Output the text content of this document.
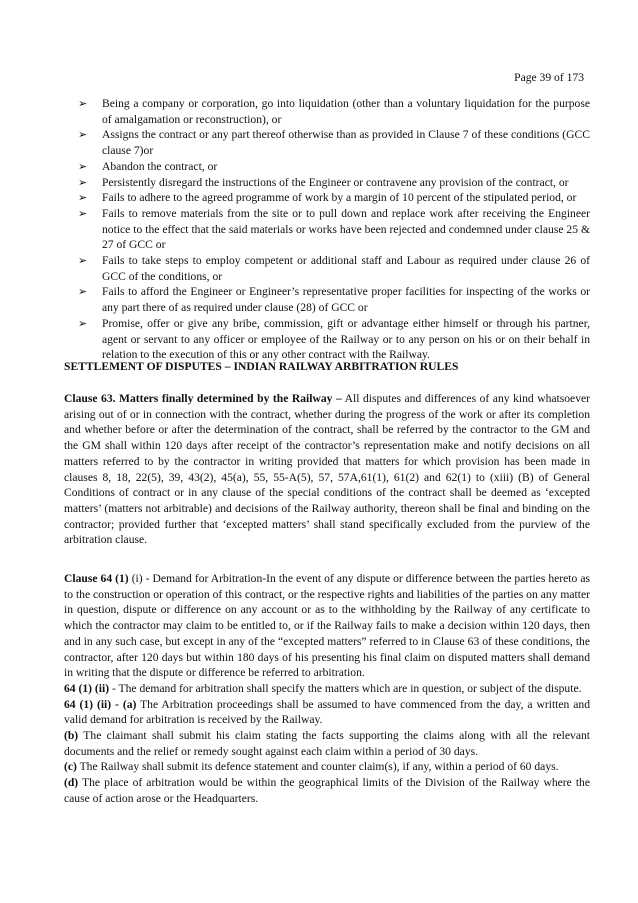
Page 39 of 173
➢ Being a company or corporation, go into liquidation (other than a voluntary liquidation for the purpose of amalgamation or reconstruction), or
➢ Assigns the contract or any part thereof otherwise than as provided in Clause 7 of these conditions (GCC clause 7)or
➢ Abandon the contract, or
➢ Persistently disregard the instructions of the Engineer or contravene any provision of the contract, or
➢ Fails to adhere to the agreed programme of work by a margin of 10 percent of the stipulated period, or
➢ Fails to remove materials from the site or to pull down and replace work after receiving the Engineer notice to the effect that the said materials or works have been rejected and condemned under clause 25 & 27 of GCC or
➢ Fails to take steps to employ competent or additional staff and Labour as required under clause 26 of GCC of the conditions, or
➢ Fails to afford the Engineer or Engineer’s representative proper facilities for inspecting of the works or any part there of as required under clause (28) of GCC or
➢ Promise, offer or give any bribe, commission, gift or advantage either himself or through his partner, agent or servant to any officer or employee of the Railway or to any person on his or on their behalf in relation to the execution of this or any other contract with the Railway.
SETTLEMENT OF DISPUTES – INDIAN RAILWAY ARBITRATION RULES

Clause 63. Matters finally determined by the Railway – All disputes and differences of any kind whatsoever arising out of or in connection with the contract, whether during the progress of the work or after its completion and whether before or after the determination of the contract, shall be referred by the contractor to the GM and the GM shall within 120 days after receipt of the contractor’s representation make and notify decisions on all matters referred to by the contractor in writing provided that matters for which provision has been made in clauses 8, 18, 22(5), 39, 43(2), 45(a), 55, 55-A(5), 57, 57A,61(1), 61(2) and 62(1) to (xiii) (B) of General Conditions of contract or in any clause of the special conditions of the contract shall be deemed as ‘excepted matters’ (matters not arbitrable) and decisions of the Railway authority, thereon shall be final and binding on the contractor; provided further that ‘excepted matters’ shall stand specifically excluded from the purview of the arbitration clause.

Clause 64 (1) (i) - Demand for Arbitration-In the event of any dispute or difference between the parties hereto as to the construction or operation of this contract, or the respective rights and liabilities of the parties on any matter in question, dispute or difference on any account or as to the withholding by the Railway of any certificate to which the contractor may claim to be entitled to, or if the Railway fails to make a decision within 120 days, then and in any such case, but except in any of the “excepted matters” referred to in Clause 63 of these conditions, the contractor, after 120 days but within 180 days of his presenting his final claim on disputed matters shall demand in writing that the dispute or difference be referred to arbitration.
64 (1) (ii) - The demand for arbitration shall specify the matters which are in question, or subject of the dispute.
64 (1) (ii) - (a) The Arbitration proceedings shall be assumed to have commenced from the day, a written and valid demand for arbitration is received by the Railway.
(b) The claimant shall submit his claim stating the facts supporting the claims along with all the relevant documents and the relief or remedy sought against each claim within a period of 30 days.
(c) The Railway shall submit its defence statement and counter claim(s), if any, within a period of 60 days.
(d) The place of arbitration would be within the geographical limits of the Division of the Railway where the cause of action arose or the Headquarters.
